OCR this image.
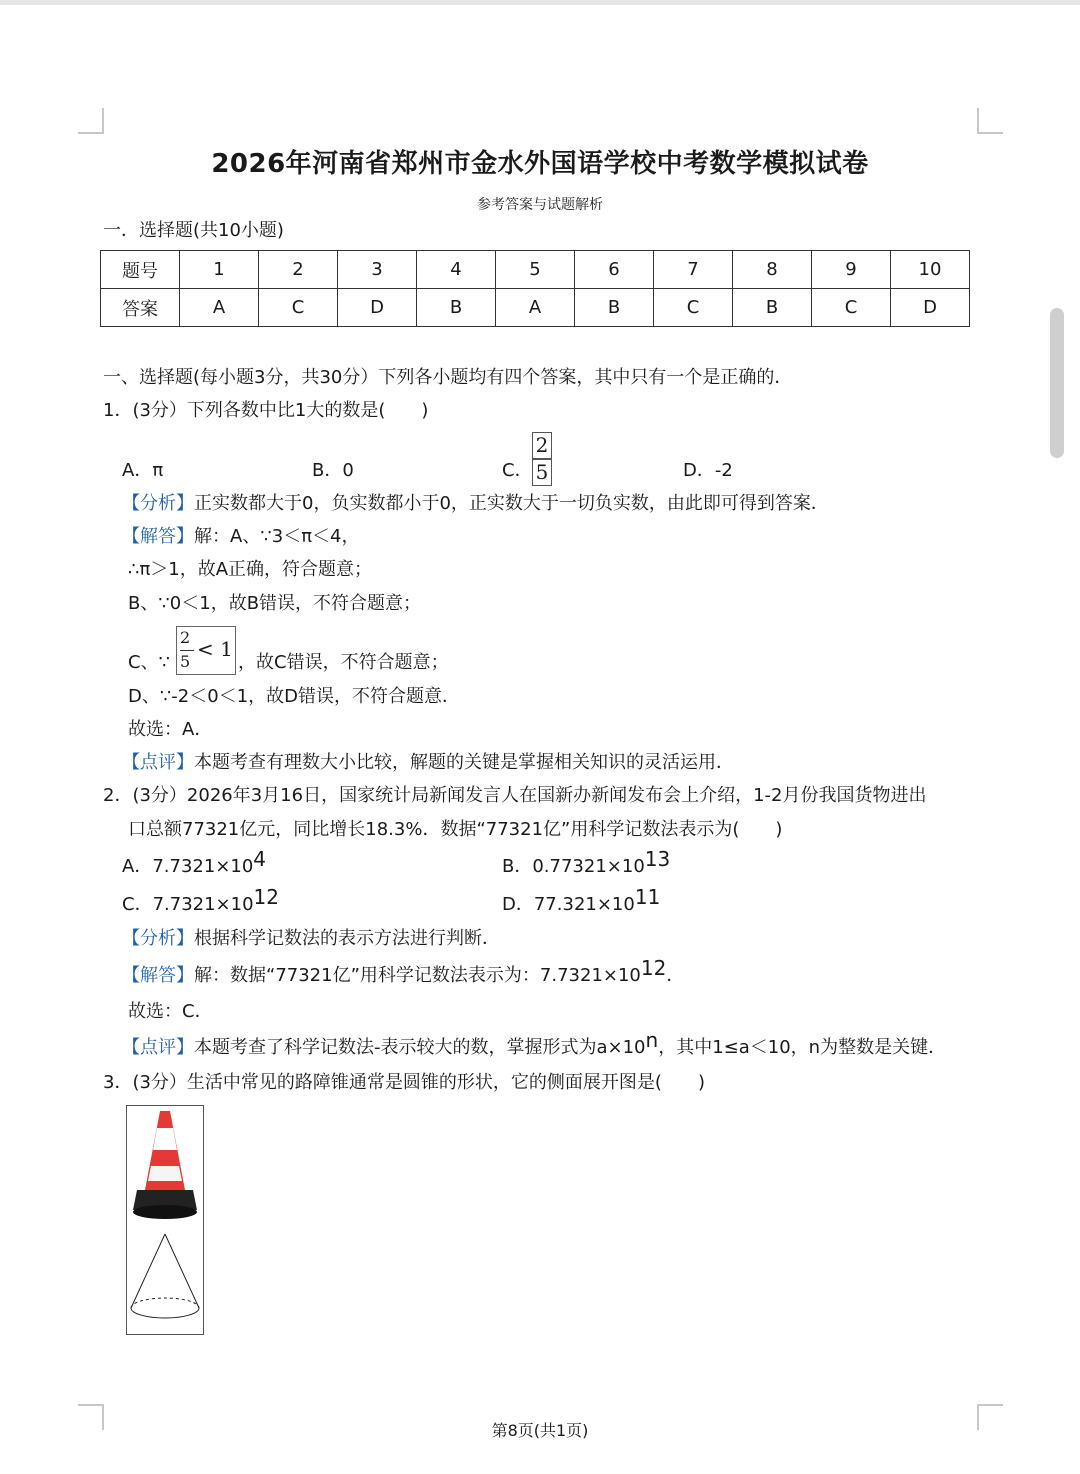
2026年河南省郑州市金水外国语学校中考数学模拟试卷
参考答案与试题解析
一．选择题(共10小题)
题号	1	2	3	4	5	6	7	8	9	10
答案	A	C	D	B	A	B	C	B	C	D
一、选择题(每小题3分，共30分）下列各小题均有四个答案，其中只有一个是正确的．
1．(3分）下列各数中比1大的数是(　　)
A．π	B．0	C．
2
5	D．-2
【分析】正实数都大于0，负实数都小于0，正实数大于一切负实数，由此即可得到答案．
【解答】解：A、∵3＜π＜4，
∴π＞1，故A正确，符合题意；
B、∵0＜1，故B错误，不符合题意；
C、∵
2
5
< 1
，故C错误，不符合题意；
D、∵-2＜0＜1，故D错误，不符合题意．
故选：A．
【点评】本题考查有理数大小比较，解题的关键是掌握相关知识的灵活运用．
2．(3分）2026年3月16日，国家统计局新闻发言人在国新办新闻发布会上介绍，1-2月份我国货物进出
口总额77321亿元，同比增长18.3%．数据“77321亿”用科学记数法表示为(　　)
A．$7.7321\times 10^4$	B．$0.77321\times 10^{13}$
C．$7.7321\times 10^{12}$	D．$77.321\times 10^{11}$
【分析】根据科学记数法的表示方法进行判断．
【解答】解：数据“77321亿”用科学记数法表示为：$7.7321\times 10^{12}$．
故选：C．
【点评】本题考查了科学记数法-表示较大的数，掌握形式为$a\times 10^n$，其中1≤a＜10，n为整数是关键．
3．(3分）生活中常见的路障锥通常是圆锥的形状，它的侧面展开图是(　　)
第8页(共1页)
